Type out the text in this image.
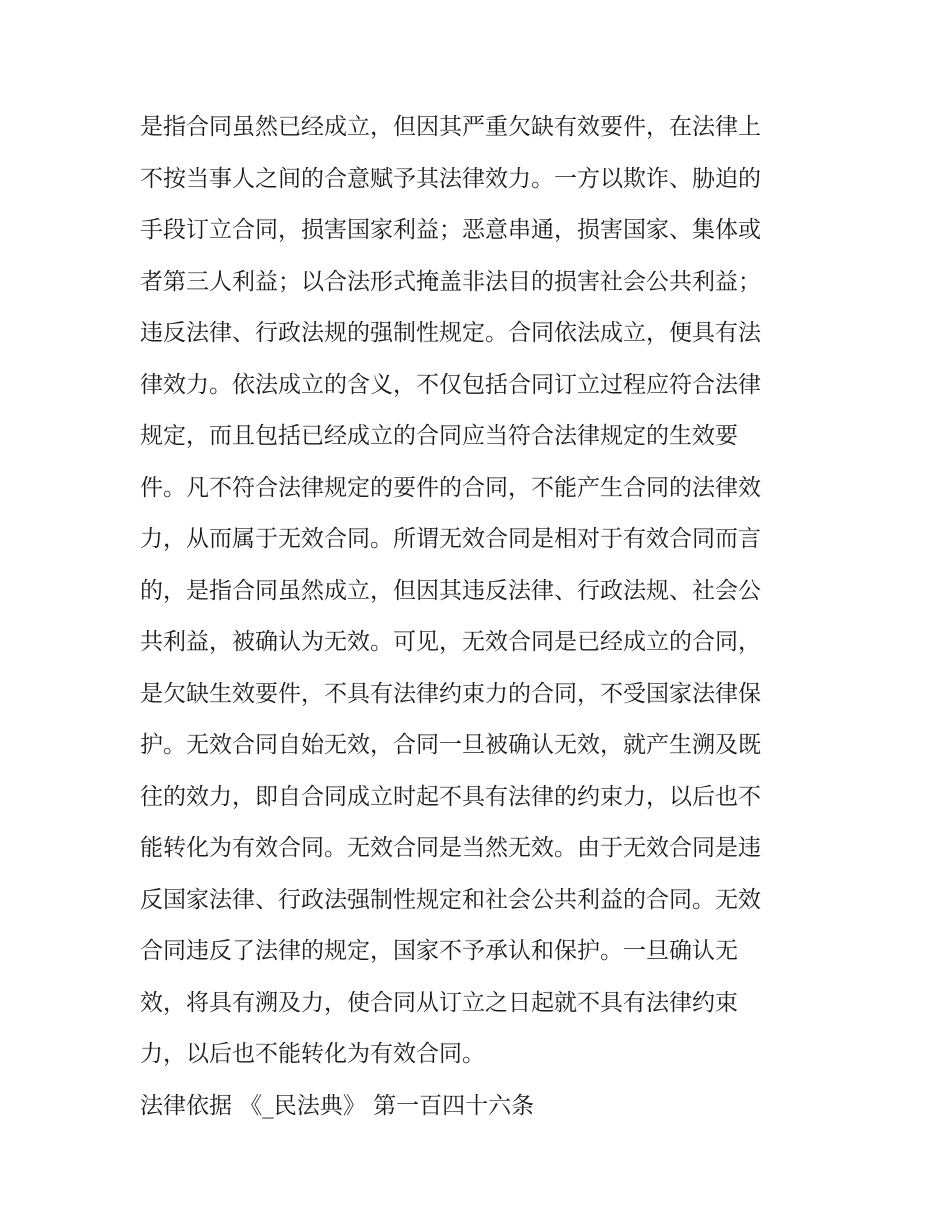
是指合同虽然已经成立，但因其严重欠缺有效要件，在法律上
不按当事人之间的合意赋予其法律效力。一方以欺诈、胁迫的
手段订立合同，损害国家利益；恶意串通，损害国家、集体或
者第三人利益；以合法形式掩盖非法目的损害社会公共利益；
违反法律、行政法规的强制性规定。合同依法成立，便具有法
律效力。依法成立的含义，不仅包括合同订立过程应符合法律
规定，而且包括已经成立的合同应当符合法律规定的生效要
件。凡不符合法律规定的要件的合同，不能产生合同的法律效
力，从而属于无效合同。所谓无效合同是相对于有效合同而言
的，是指合同虽然成立，但因其违反法律、行政法规、社会公
共利益，被确认为无效。可见，无效合同是已经成立的合同，
是欠缺生效要件，不具有法律约束力的合同，不受国家法律保
护。无效合同自始无效，合同一旦被确认无效，就产生溯及既
往的效力，即自合同成立时起不具有法律的约束力，以后也不
能转化为有效合同。无效合同是当然无效。由于无效合同是违
反国家法律、行政法强制性规定和社会公共利益的合同。无效
合同违反了法律的规定，国家不予承认和保护。一旦确认无
效，将具有溯及力，使合同从订立之日起就不具有法律约束
力，以后也不能转化为有效合同。
法律依据 《_民法典》 第一百四十六条
